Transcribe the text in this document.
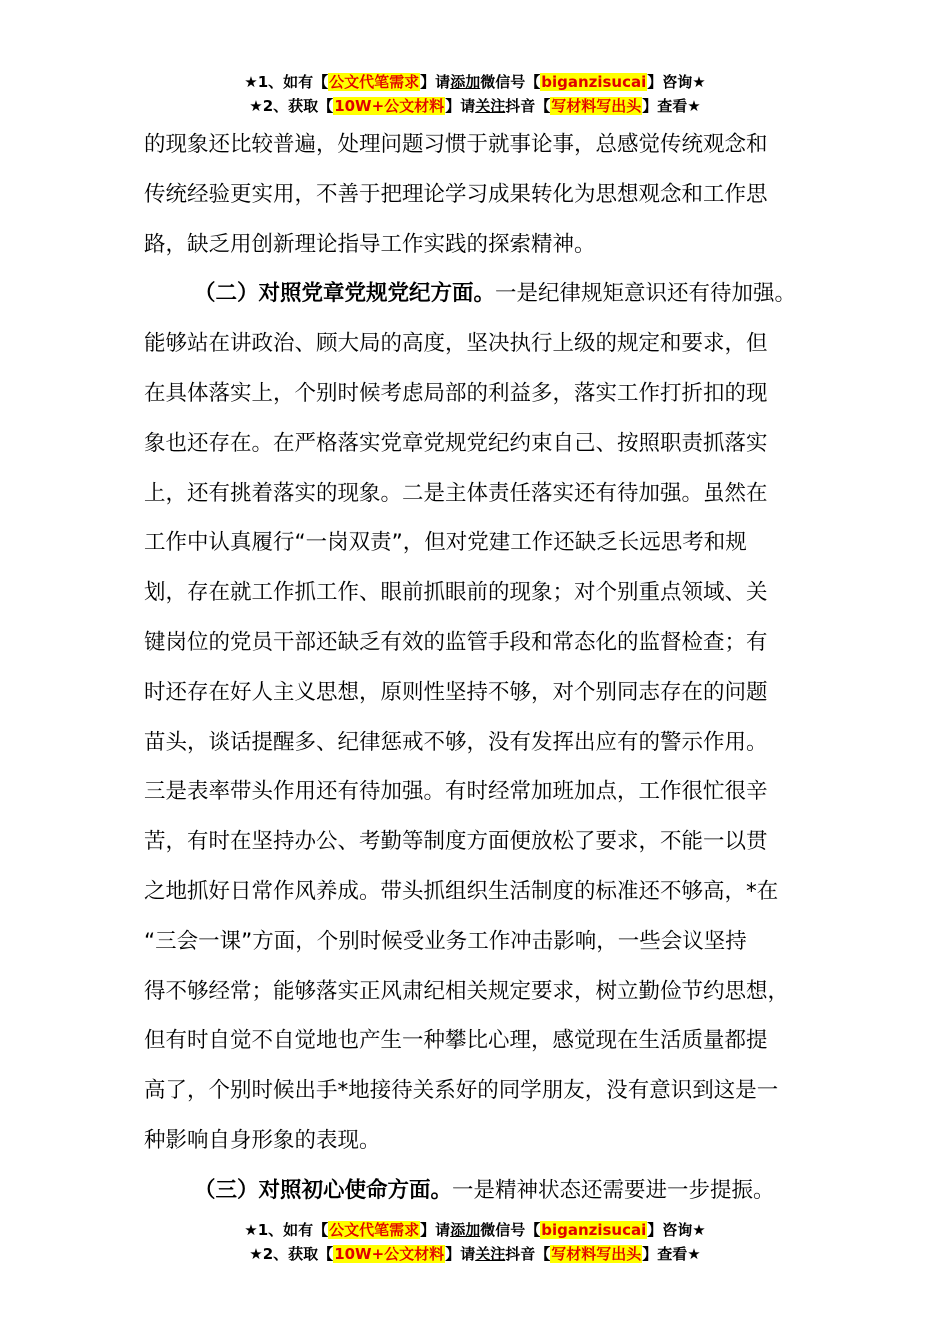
★1、如有【公文代笔需求】请添加微信号【biganzisucai】咨询★
★2、获取【10W+公文材料】请关注抖音【写材料写出头】查看★
的现象还比较普遍，处理问题习惯于就事论事，总感觉传统观念和
传统经验更实用，不善于把理论学习成果转化为思想观念和工作思
路，缺乏用创新理论指导工作实践的探索精神。
（二）对照党章党规党纪方面。一是纪律规矩意识还有待加强。
能够站在讲政治、顾大局的高度，坚决执行上级的规定和要求，但
在具体落实上，个别时候考虑局部的利益多，落实工作打折扣的现
象也还存在。在严格落实党章党规党纪约束自己、按照职责抓落实
上，还有挑着落实的现象。二是主体责任落实还有待加强。虽然在
工作中认真履行“一岗双责”，但对党建工作还缺乏长远思考和规
划，存在就工作抓工作、眼前抓眼前的现象；对个别重点领域、关
键岗位的党员干部还缺乏有效的监管手段和常态化的监督检查；有
时还存在好人主义思想，原则性坚持不够，对个别同志存在的问题
苗头，谈话提醒多、纪律惩戒不够，没有发挥出应有的警示作用。
三是表率带头作用还有待加强。有时经常加班加点，工作很忙很辛
苦，有时在坚持办公、考勤等制度方面便放松了要求，不能一以贯
之地抓好日常作风养成。带头抓组织生活制度的标准还不够高，*在
“三会一课”方面，个别时候受业务工作冲击影响，一些会议坚持
得不够经常；能够落实正风肃纪相关规定要求，树立勤俭节约思想，
但有时自觉不自觉地也产生一种攀比心理，感觉现在生活质量都提
高了，个别时候出手*地接待关系好的同学朋友，没有意识到这是一
种影响自身形象的表现。
（三）对照初心使命方面。一是精神状态还需要进一步提振。
★1、如有【公文代笔需求】请添加微信号【biganzisucai】咨询★
★2、获取【10W+公文材料】请关注抖音【写材料写出头】查看★
